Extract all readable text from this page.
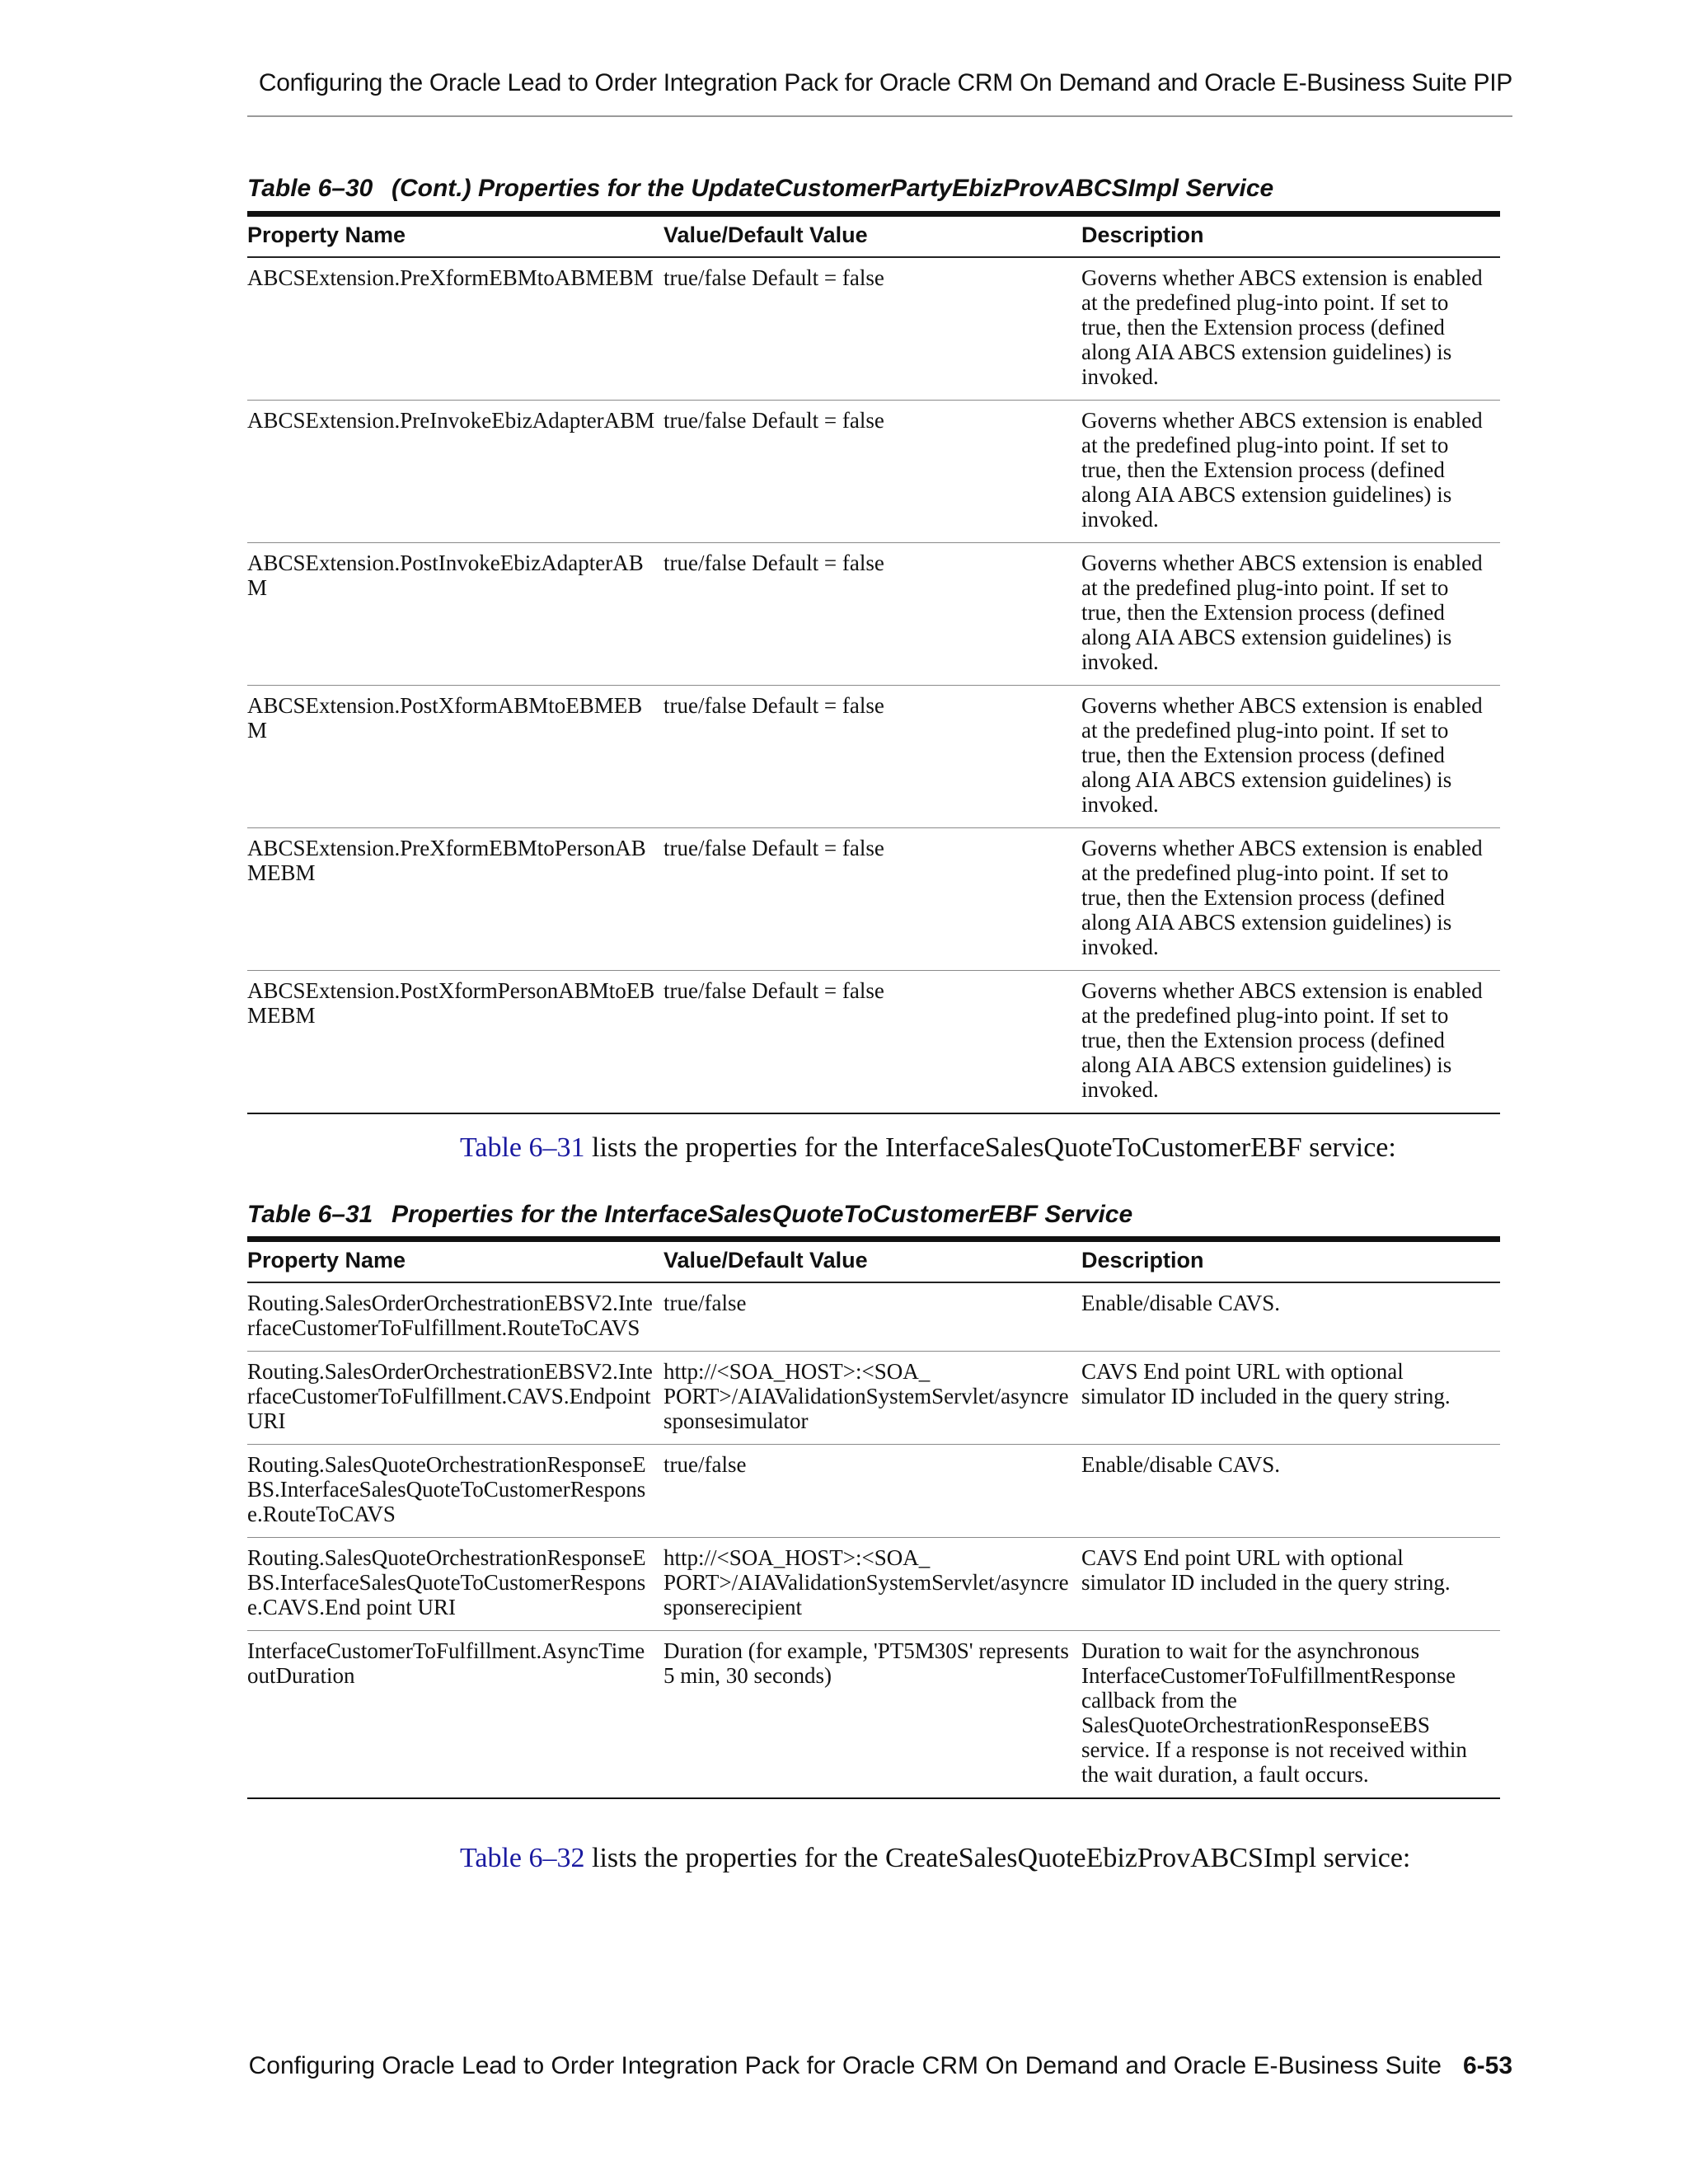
Configuring the Oracle Lead to Order Integration Pack for Oracle CRM On Demand and Oracle E-Business Suite PIP
Table 6–30 (Cont.) Properties for the UpdateCustomerPartyEbizProvABCSImpl Service
Property Name	Value/Default Value	Description
ABCSExtension.PreXformEBMtoABMEBM	true/false Default = false	Governs whether ABCS extension is enabled at the predefined plug-into point. If set to true, then the Extension process (defined along AIA ABCS extension guidelines) is invoked.
ABCSExtension.PreInvokeEbizAdapterABM	true/false Default = false	Governs whether ABCS extension is enabled at the predefined plug-into point. If set to true, then the Extension process (defined along AIA ABCS extension guidelines) is invoked.
ABCSExtension.PostInvokeEbizAdapterABM	true/false Default = false	Governs whether ABCS extension is enabled at the predefined plug-into point. If set to true, then the Extension process (defined along AIA ABCS extension guidelines) is invoked.
ABCSExtension.PostXformABMtoEBMEBM	true/false Default = false	Governs whether ABCS extension is enabled at the predefined plug-into point. If set to true, then the Extension process (defined along AIA ABCS extension guidelines) is invoked.
ABCSExtension.PreXformEBMtoPersonABMEBM	true/false Default = false	Governs whether ABCS extension is enabled at the predefined plug-into point. If set to true, then the Extension process (defined along AIA ABCS extension guidelines) is invoked.
ABCSExtension.PostXformPersonABMtoEBMEBM	true/false Default = false	Governs whether ABCS extension is enabled at the predefined plug-into point. If set to true, then the Extension process (defined along AIA ABCS extension guidelines) is invoked.
Table 6–31 lists the properties for the InterfaceSalesQuoteToCustomerEBF service:
Table 6–31 Properties for the InterfaceSalesQuoteToCustomerEBF Service
Property Name	Value/Default Value	Description
Routing.SalesOrderOrchestrationEBSV2.InterfaceCustomerToFulfillment.RouteToCAVS	true/false	Enable/disable CAVS.
Routing.SalesOrderOrchestrationEBSV2.InterfaceCustomerToFulfillment.CAVS.EndpointURI	http://<SOA_HOST>:<SOA_ PORT>/AIAValidationSystemServlet/asyncresponsesimulator	CAVS End point URL with optional simulator ID included in the query string.
Routing.SalesQuoteOrchestrationResponseEBS.InterfaceSalesQuoteToCustomerResponse.RouteToCAVS	true/false	Enable/disable CAVS.
Routing.SalesQuoteOrchestrationResponseEBS.InterfaceSalesQuoteToCustomerResponse.CAVS.End point URI	http://<SOA_HOST>:<SOA_ PORT>/AIAValidationSystemServlet/asyncresponserecipient	CAVS End point URL with optional simulator ID included in the query string.
InterfaceCustomerToFulfillment.AsyncTimeoutDuration	Duration (for example, 'PT5M30S' represents 5 min, 30 seconds)	Duration to wait for the asynchronous InterfaceCustomerToFulfillmentResponse callback from the SalesQuoteOrchestrationResponseEBS service. If a response is not received within the wait duration, a fault occurs.
Table 6–32 lists the properties for the CreateSalesQuoteEbizProvABCSImpl service:
Configuring Oracle Lead to Order Integration Pack for Oracle CRM On Demand and Oracle E-Business Suite 6-53
